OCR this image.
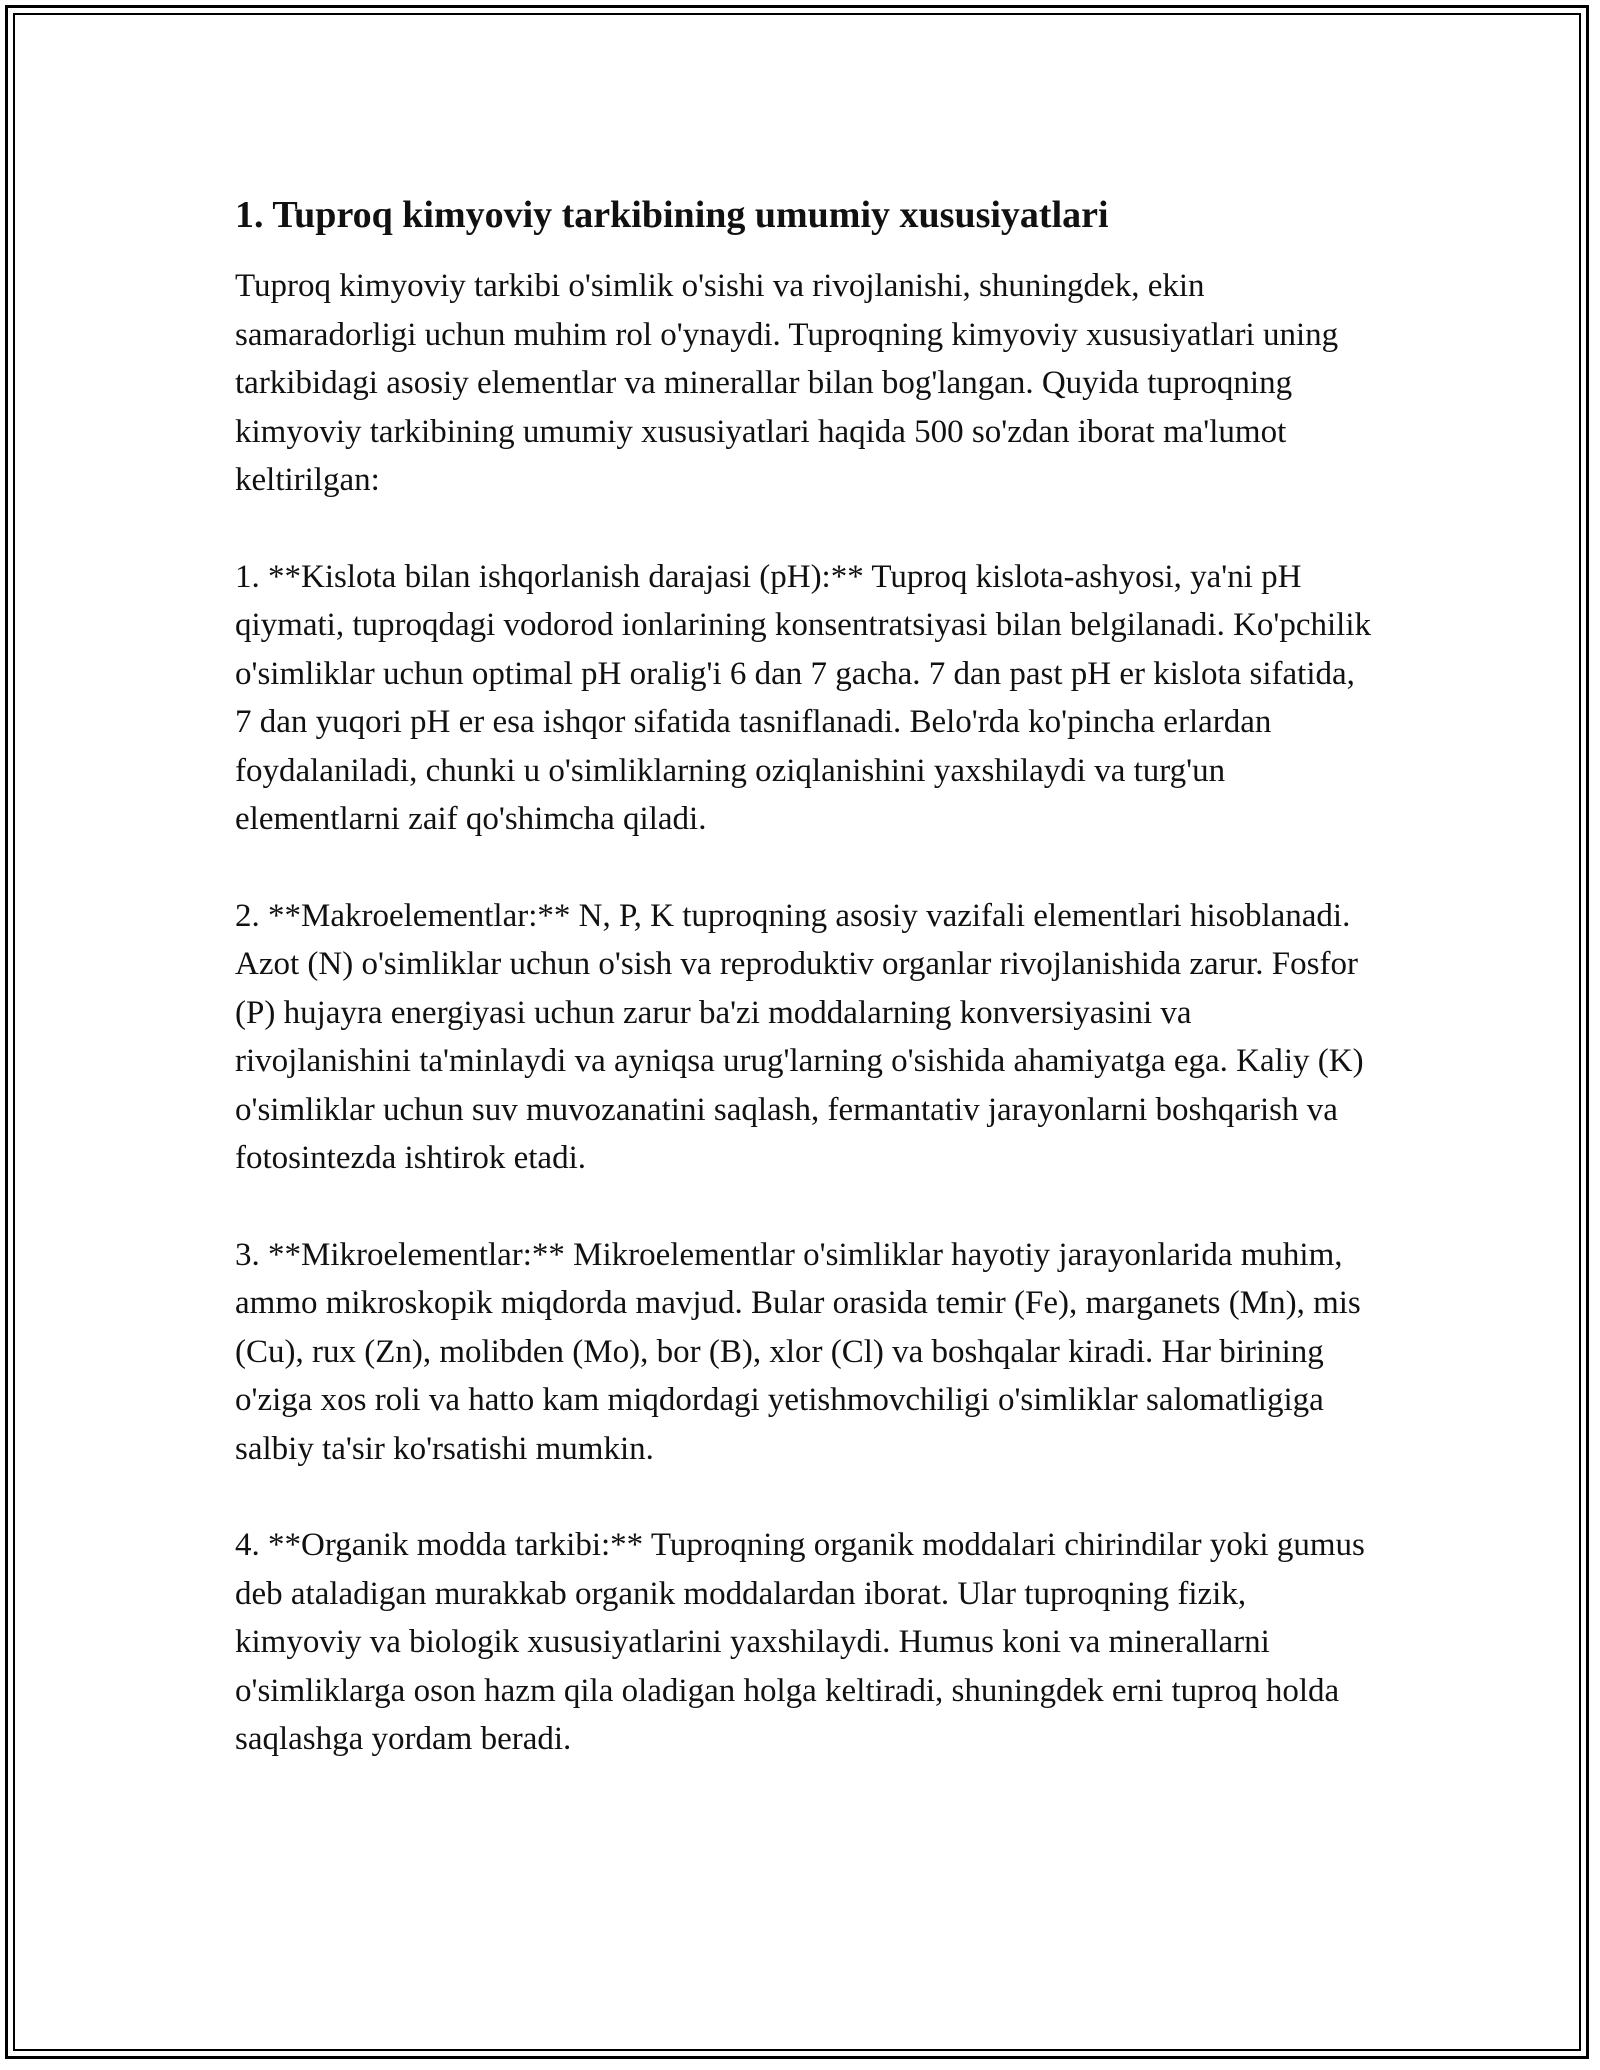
1. Tuproq kimyoviy tarkibining umumiy xususiyatlari

Tuproq kimyoviy tarkibi o'simlik o'sishi va rivojlanishi, shuningdek, ekin samaradorligi uchun muhim rol o'ynaydi. Tuproqning kimyoviy xususiyatlari uning tarkibidagi asosiy elementlar va minerallar bilan bog'langan. Quyida tuproqning kimyoviy tarkibining umumiy xususiyatlari haqida 500 so'zdan iborat ma'lumot keltirilgan:

1. **Kislota bilan ishqorlanish darajasi (pH):** Tuproq kislota-ashyosi, ya'ni pH qiymati, tuproqdagi vodorod ionlarining konsentratsiyasi bilan belgilanadi. Ko'pchilik o'simliklar uchun optimal pH oralig'i 6 dan 7 gacha. 7 dan past pH er kislota sifatida, 7 dan yuqori pH er esa ishqor sifatida tasniflanadi. Belo'rda ko'pincha erlardan foydalaniladi, chunki u o'simliklarning oziqlanishini yaxshilaydi va turg'un elementlarni zaif qo'shimcha qiladi.

2. **Makroelementlar:** N, P, K tuproqning asosiy vazifali elementlari hisoblanadi. Azot (N) o'simliklar uchun o'sish va reproduktiv organlar rivojlanishida zarur. Fosfor (P) hujayra energiyasi uchun zarur ba'zi moddalarning konversiyasini va rivojlanishini ta'minlaydi va ayniqsa urug'larning o'sishida ahamiyatga ega. Kaliy (K) o'simliklar uchun suv muvozanatini saqlash, fermantativ jarayonlarni boshqarish va fotosintezda ishtirok etadi.

3. **Mikroelementlar:** Mikroelementlar o'simliklar hayotiy jarayonlarida muhim, ammo mikroskopik miqdorda mavjud. Bular orasida temir (Fe), marganets (Mn), mis (Cu), rux (Zn), molibden (Mo), bor (B), xlor (Cl) va boshqalar kiradi. Har birining o'ziga xos roli va hatto kam miqdordagi yetishmovchiligi o'simliklar salomatligiga salbiy ta'sir ko'rsatishi mumkin.

4. **Organik modda tarkibi:** Tuproqning organik moddalari chirindilar yoki gumus deb ataladigan murakkab organik moddalardan iborat. Ular tuproqning fizik, kimyoviy va biologik xususiyatlarini yaxshilaydi. Humus koni va minerallarni o'simliklarga oson hazm qila oladigan holga keltiradi, shuningdek erni tuproq holda saqlashga yordam beradi.
